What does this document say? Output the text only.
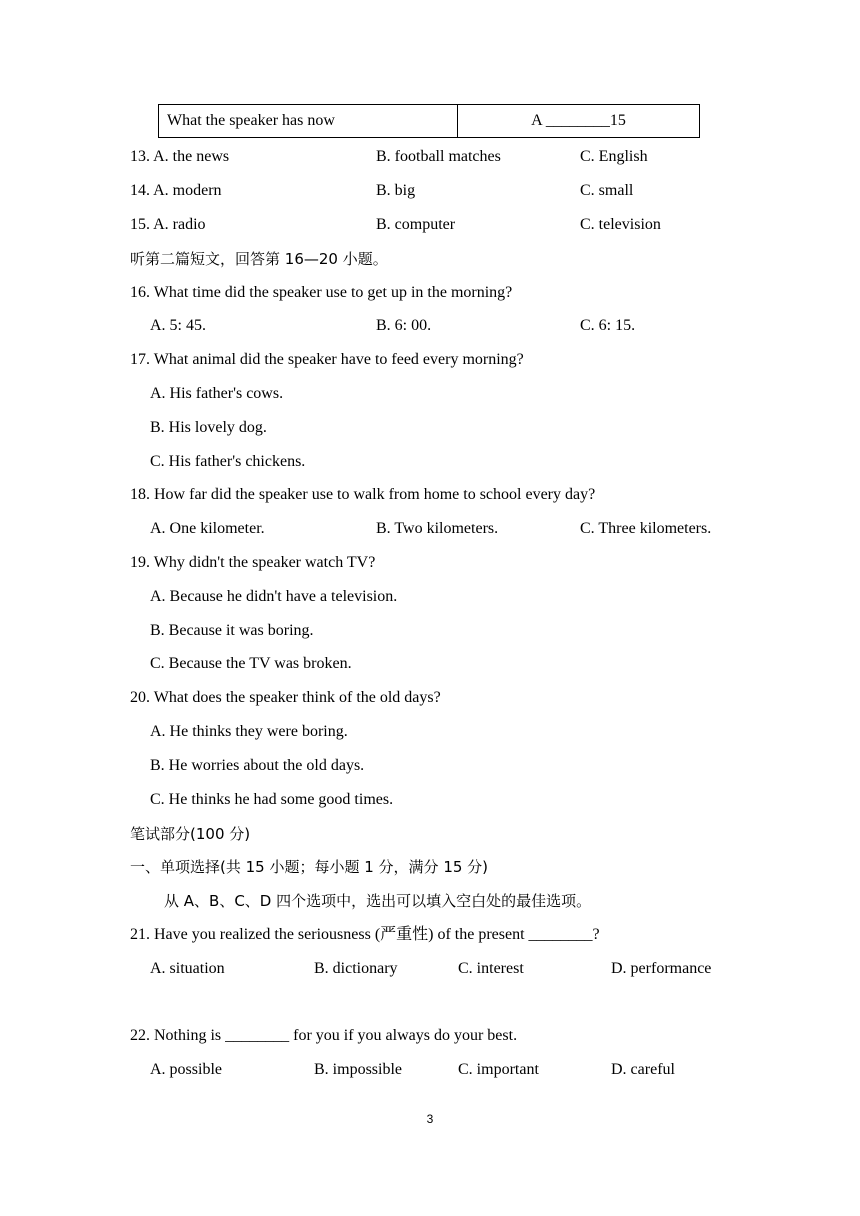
What the speaker has now	A ________15
13. A. the news	B. football matches	C. English
14. A. modern	B. big	C. small
15. A. radio	B. computer	C. television
听第二篇短文，回答第 16—20 小题。
16. What time did the speaker use to get up in the morning?
A. 5: 45.	B. 6: 00.	C. 6: 15.
17. What animal did the speaker have to feed every morning?
A. His father's cows.
B. His lovely dog.
C. His father's chickens.
18. How far did the speaker use to walk from home to school every day?
A. One kilometer.	B. Two kilometers.	C. Three kilometers.
19. Why didn't the speaker watch TV?
A. Because he didn't have a television.
B. Because it was boring.
C. Because the TV was broken.
20. What does the speaker think of the old days?
A. He thinks they were boring.
B. He worries about the old days.
C. He thinks he had some good times.
笔试部分(100 分)
一、单项选择(共 15 小题；每小题 1 分，满分 15 分)
从 A、B、C、D 四个选项中，选出可以填入空白处的最佳选项。
21. Have you realized the seriousness (严重性) of the present ________?
A. situation	B. dictionary	C. interest	D. performance
22. Nothing is ________ for you if you always do your best.
A. possible	B. impossible	C. important	D. careful
3
